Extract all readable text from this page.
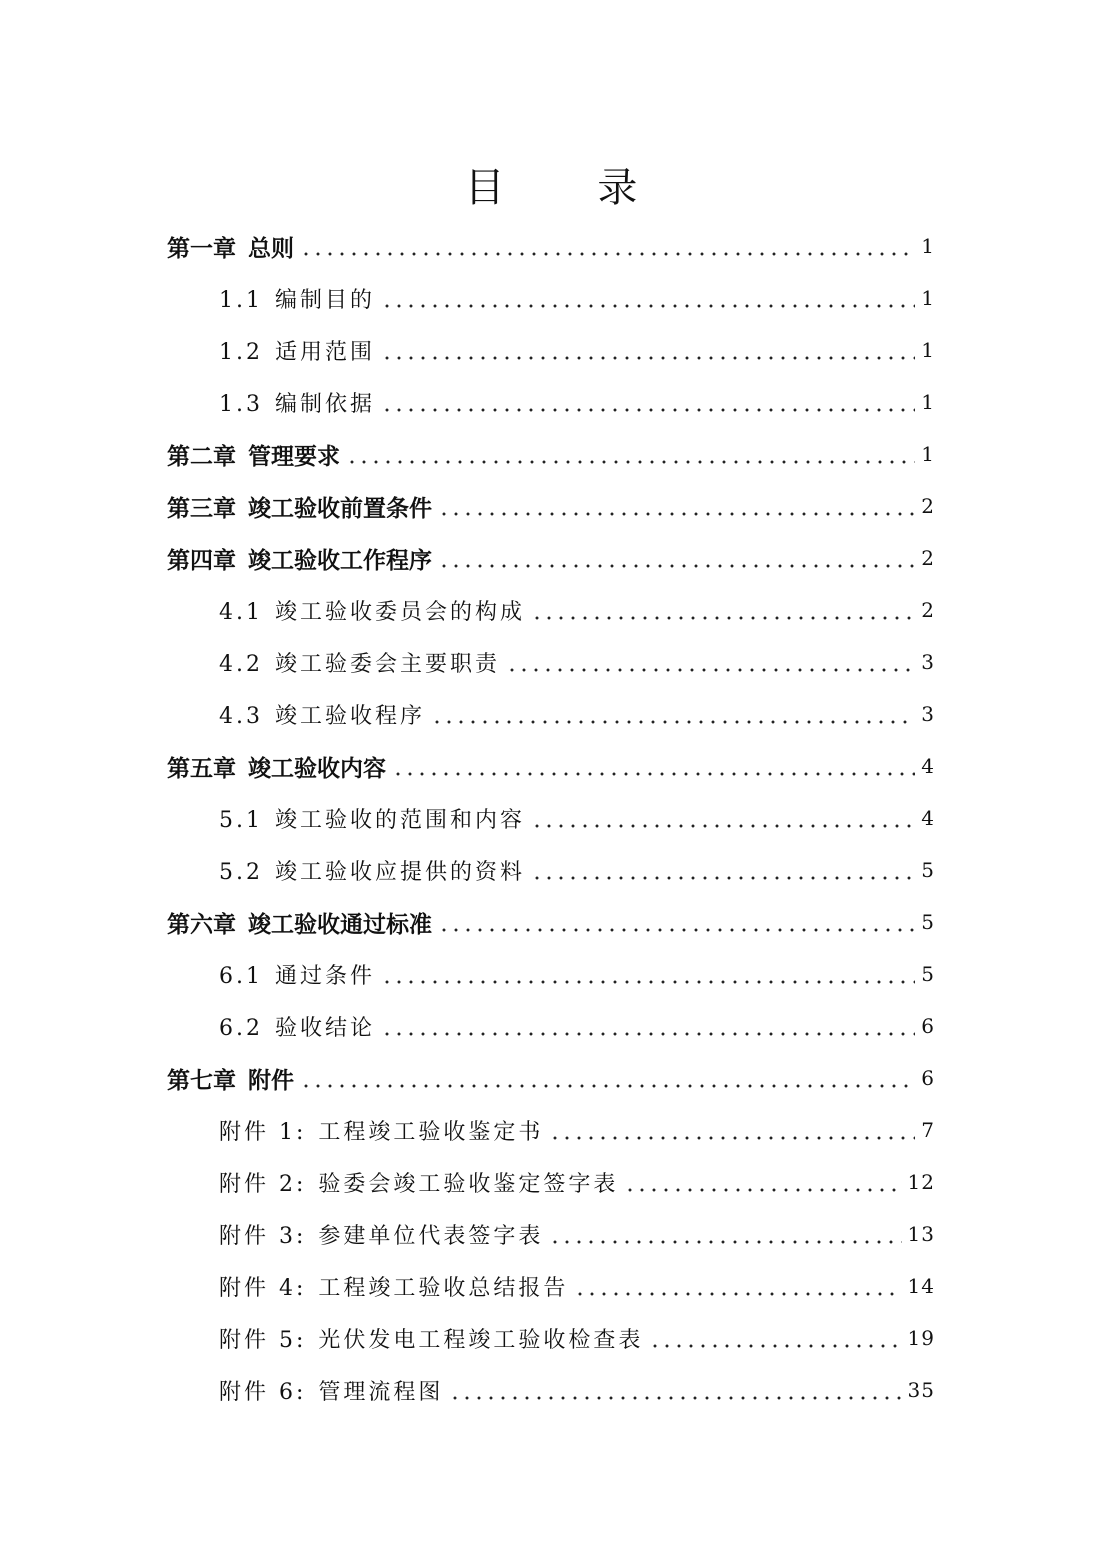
目 录
第一章 总则	1
1.1 编制目的	1
1.2 适用范围	1
1.3 编制依据	1
第二章 管理要求	1
第三章 竣工验收前置条件	2
第四章 竣工验收工作程序	2
4.1 竣工验收委员会的构成	2
4.2 竣工验委会主要职责	3
4.3 竣工验收程序	3
第五章 竣工验收内容	4
5.1 竣工验收的范围和内容	4
5.2 竣工验收应提供的资料	5
第六章 竣工验收通过标准	5
6.1 通过条件	5
6.2 验收结论	6
第七章 附件	6
附件 1: 工程竣工验收鉴定书	7
附件 2: 验委会竣工验收鉴定签字表	12
附件 3: 参建单位代表签字表	13
附件 4: 工程竣工验收总结报告	14
附件 5: 光伏发电工程竣工验收检查表	19
附件 6: 管理流程图	35
